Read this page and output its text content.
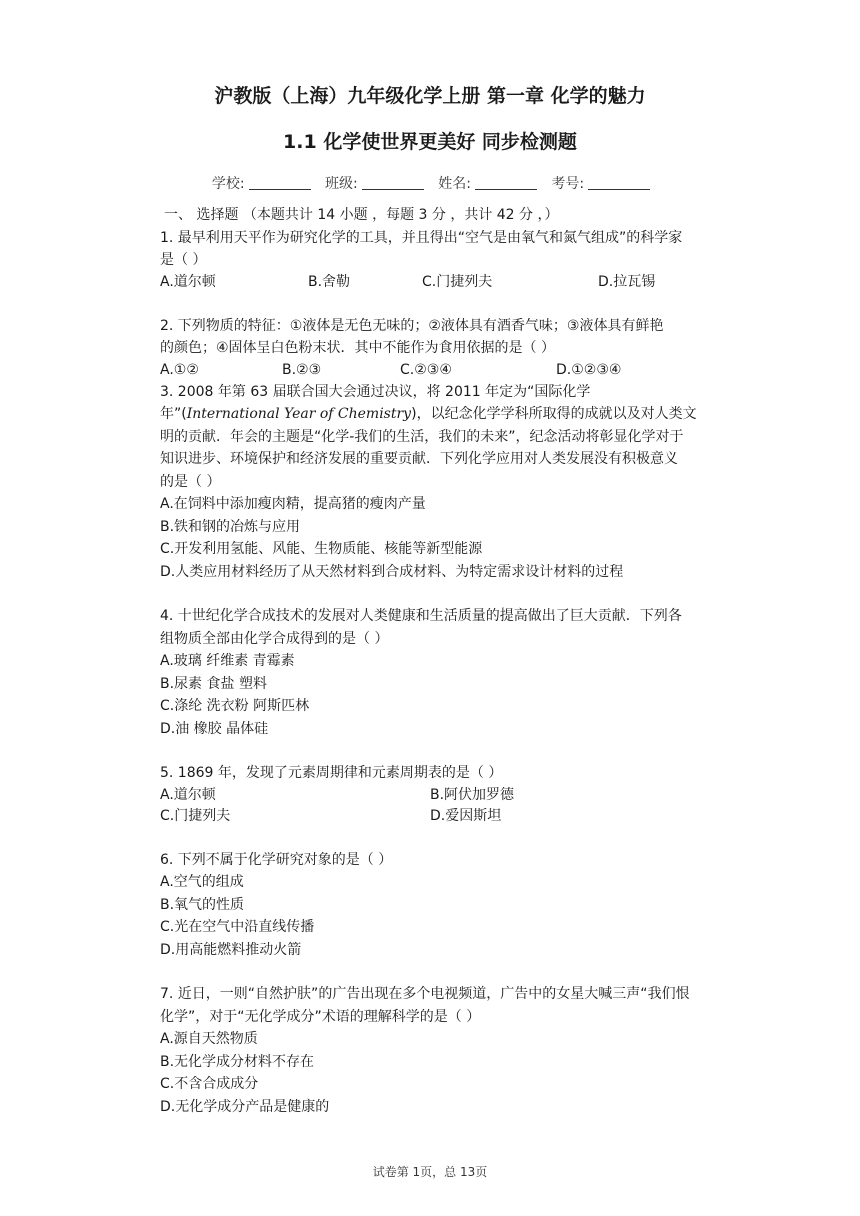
沪教版（上海）九年级化学上册 第一章 化学的魅力
1.1 化学使世界更美好 同步检测题
学校:	班级:	姓名:	考号:
一、 选择题 （本题共计 14 小题 ，每题 3 分 ，共计 42 分 ，）
1. 最早利用天平作为研究化学的工具，并且得出“空气是由氧气和氮气组成”的科学家
是（ ）
A.道尔顿	B.舍勒	C.门捷列夫	D.拉瓦锡
2. 下列物质的特征：①液体是无色无味的；②液体具有酒香气味；③液体具有鲜艳
的颜色；④固体呈白色粉末状．其中不能作为食用依据的是（ ）
A.①②	B.②③	C.②③④	D.①②③④
3. 2008 年第 63 届联合国大会通过决议，将 2011 年定为“国际化学
年”(International Year of Chemistry)，以纪念化学学科所取得的成就以及对人类文
明的贡献．年会的主题是“化学-我们的生活，我们的未来”，纪念活动将彰显化学对于
知识进步、环境保护和经济发展的重要贡献．下列化学应用对人类发展没有积极意义
的是（ ）
A.在饲料中添加瘦肉精，提高猪的瘦肉产量
B.铁和钢的冶炼与应用
C.开发利用氢能、风能、生物质能、核能等新型能源
D.人类应用材料经历了从天然材料到合成材料、为特定需求设计材料的过程
4. 十世纪化学合成技术的发展对人类健康和生活质量的提高做出了巨大贡献．下列各
组物质全部由化学合成得到的是（ ）
A.玻璃 纤维素 青霉素
B.尿素 食盐 塑料
C.涤纶 洗衣粉 阿斯匹林
D.油 橡胶 晶体硅
5. 1869 年，发现了元素周期律和元素周期表的是（ ）
A.道尔顿	B.阿伏加罗德
C.门捷列夫	D.爱因斯坦
6. 下列不属于化学研究对象的是（ ）
A.空气的组成
B.氧气的性质
C.光在空气中沿直线传播
D.用高能燃料推动火箭
7. 近日，一则“自然护肤”的广告出现在多个电视频道，广告中的女星大喊三声“我们恨
化学”，对于“无化学成分”术语的理解科学的是（ ）
A.源自天然物质
B.无化学成分材料不存在
C.不含合成成分
D.无化学成分产品是健康的
试卷第 1页，总 13页
